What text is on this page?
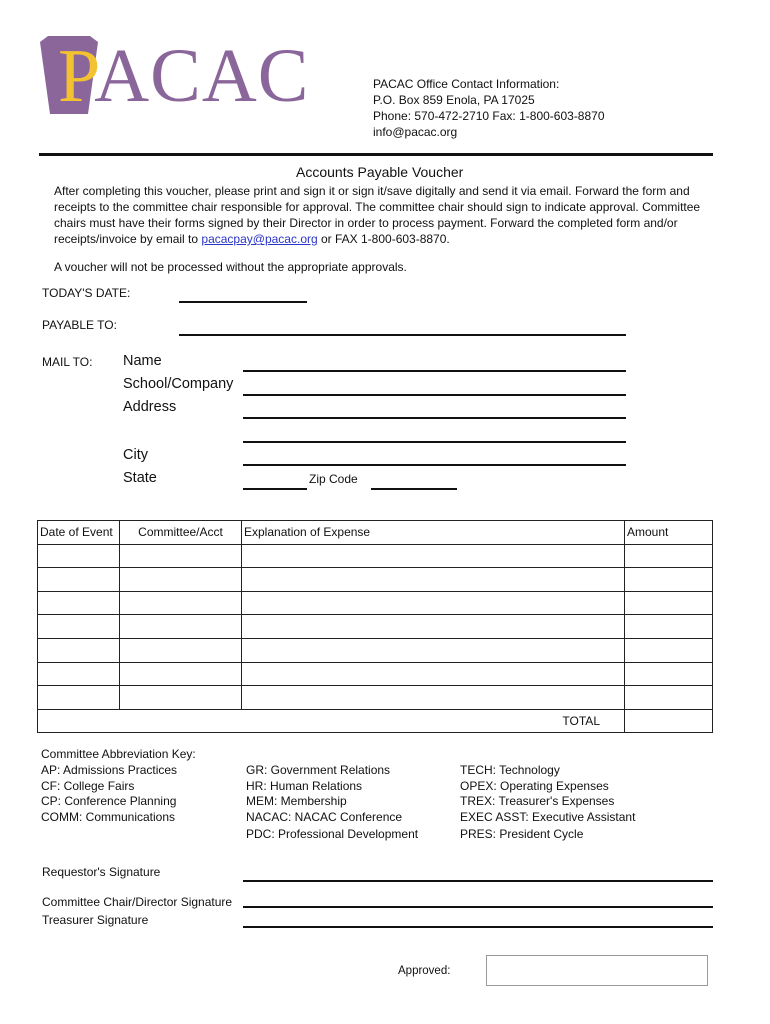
PACAC	PACAC Office Contact Information:
P.O. Box 859 Enola, PA 17025
Phone: 570-472-2710 Fax: 1-800-603-8870
info@pacac.org
Accounts Payable Voucher
After completing this voucher, please print and sign it or sign it/save digitally and send it via email. Forward the form and
receipts to the committee chair responsible for approval. The committee chair should sign to indicate approval. Committee
chairs must have their forms signed by their Director in order to process payment. Forward the completed form and/or
receipts/invoice by email to pacacpay@pacac.org or FAX 1-800-603-8870.
A voucher will not be processed without the appropriate approvals.
TODAY'S DATE:
PAYABLE TO:
MAIL TO: Name
School/Company
Address
City
State	Zip Code
Date of Event	Committee/Acct	Explanation of Expense	Amount

TOTAL			
Committee Abbreviation Key:
AP: Admissions Practices
CF: College Fairs
CP: Conference Planning
COMM: Communications
GR: Government Relations
HR: Human Relations
MEM: Membership
NACAC: NACAC Conference
PDC: Professional Development
TECH: Technology
OPEX: Operating Expenses
TREX: Treasurer's Expenses
EXEC ASST: Executive Assistant
PRES: President Cycle
Requestor's Signature
Committee Chair/Director Signature
Treasurer Signature
Approved:
